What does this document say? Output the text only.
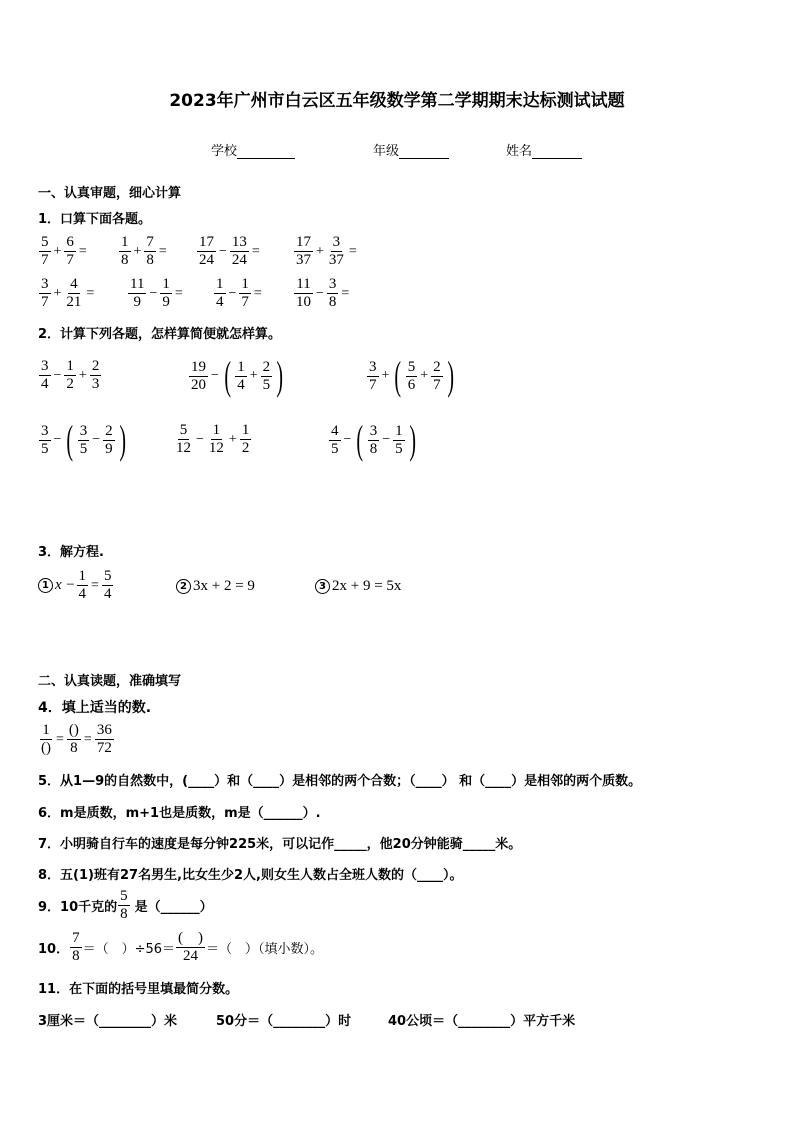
2023年广州市白云区五年级数学第二学期期末达标测试试题
学校	年级	姓名
一、认真审题，细心计算
1．口算下面各题。
$\frac{5}{7} + \frac{6}{7} = \frac{1}{8} + \frac{7}{8} = \frac{17}{24} - \frac{13}{24} = \frac{17}{37} + \frac{3}{37}$ =
$\frac{3}{7} + \frac{4}{21} = \frac{11}{9} - \frac{1}{9} = \frac{1}{4} - \frac{1}{7} = \frac{11}{10} - \frac{3}{8}$ =
2．计算下列各题，怎样算简便就怎样算。
$\frac{3}{4} - \frac{1}{2} + \frac{2}{3}$	$\frac{19}{20}$ − ( $\frac{1}{4} + \frac{2}{5}$ )	$\frac{3}{7}$ + ( $\frac{5}{6} + \frac{2}{7}$ )
$\frac{3}{5}$ − ( $\frac{3}{5} - \frac{2}{9}$ )	$\frac{5}{12} - \frac{1}{12} + \frac{1}{2}$	$\frac{4}{5}$ − ( $\frac{3}{8} - \frac{1}{5}$ )
3．解方程.
1 $x - \frac{1}{4} = \frac{5}{4}$	2 3x + 2 = 9	3 2x + 9 = 5x
二、认真读题，准确填写
4．填上适当的数.
$\frac{1}{()} = \frac{()}{8} = \frac{36}{72}$
5．从1—9的自然数中，(____）和（____）是相邻的两个合数；（____） 和（____）是相邻的两个质数。
6．m是质数，m+1也是质数，m是（______）.
7．小明骑自行车的速度是每分钟225米，可以记作_____，他20分钟能骑_____米。
8．五(1)班有27名男生,比女生少2人,则女生人数占全班人数的（____）。
9．10千克的 $\frac{5}{8}$ 是（______）
10． $\frac{7}{8}$ ＝（　）$\div 56= \frac{( )}{24}$ ＝（　）（填小数）。
11．在下面的括号里填最简分数。
3厘米＝（________）米	50分＝（________）时	40公顷＝（________）平方千米
